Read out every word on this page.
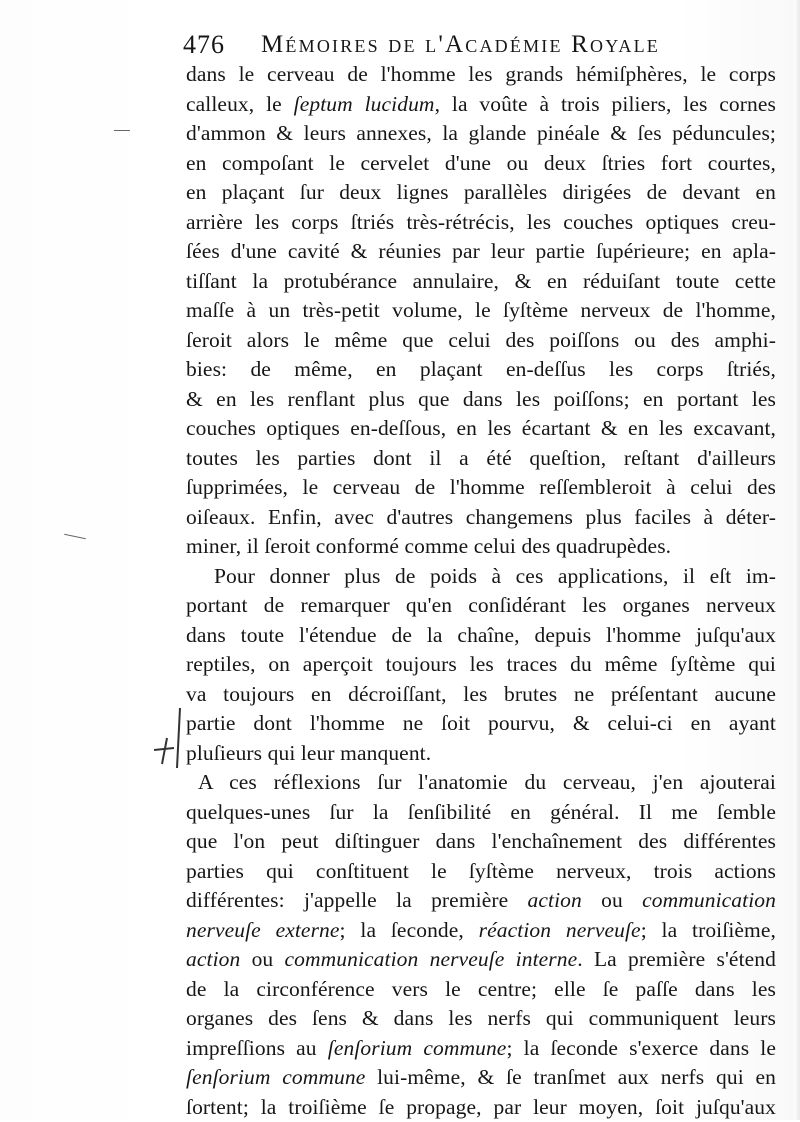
476 Mémoires de l'Académie Royale
dans le cerveau de l'homme les grands hémiſphères, le corps
calleux, le ſeptum lucidum, la voûte à trois piliers, les cornes
d'ammon & leurs annexes, la glande pinéale & ſes péduncules;
en compoſant le cervelet d'une ou deux ſtries fort courtes,
en plaçant ſur deux lignes parallèles dirigées de devant en
arrière les corps ſtriés très-rétrécis, les couches optiques creu-
ſées d'une cavité & réunies par leur partie ſupérieure; en apla-
tiſſant la protubérance annulaire, & en réduiſant toute cette
maſſe à un très-petit volume, le ſyſtème nerveux de l'homme,
ſeroit alors le même que celui des poiſſons ou des amphi-
bies: de même, en plaçant en-deſſus les corps ſtriés,
& en les renflant plus que dans les poiſſons; en portant les
couches optiques en-deſſous, en les écartant & en les excavant,
toutes les parties dont il a été queſtion, reſtant d'ailleurs
ſupprimées, le cerveau de l'homme reſſembleroit à celui des
oiſeaux. Enfin, avec d'autres changemens plus faciles à déter-
miner, il ſeroit conformé comme celui des quadrupèdes.
Pour donner plus de poids à ces applications, il eſt im-
portant de remarquer qu'en conſidérant les organes nerveux
dans toute l'étendue de la chaîne, depuis l'homme juſqu'aux
reptiles, on aperçoit toujours les traces du même ſyſtème qui
va toujours en décroiſſant, les brutes ne préſentant aucune
partie dont l'homme ne ſoit pourvu, & celui-ci en ayant
pluſieurs qui leur manquent.
A ces réflexions ſur l'anatomie du cerveau, j'en ajouterai
quelques-unes ſur la ſenſibilité en général. Il me ſemble
que l'on peut diſtinguer dans l'enchaînement des différentes
parties qui conſtituent le ſyſtème nerveux, trois actions
différentes: j'appelle la première action ou communication
nerveuſe externe; la ſeconde, réaction nerveuſe; la troiſième,
action ou communication nerveuſe interne. La première s'étend
de la circonférence vers le centre; elle ſe paſſe dans les
organes des ſens & dans les nerfs qui communiquent leurs
impreſſions au ſenſorium commune; la ſeconde s'exerce dans le
ſenſorium commune lui-même, & ſe tranſmet aux nerfs qui en
ſortent; la troiſième ſe propage, par leur moyen, ſoit juſqu'aux
